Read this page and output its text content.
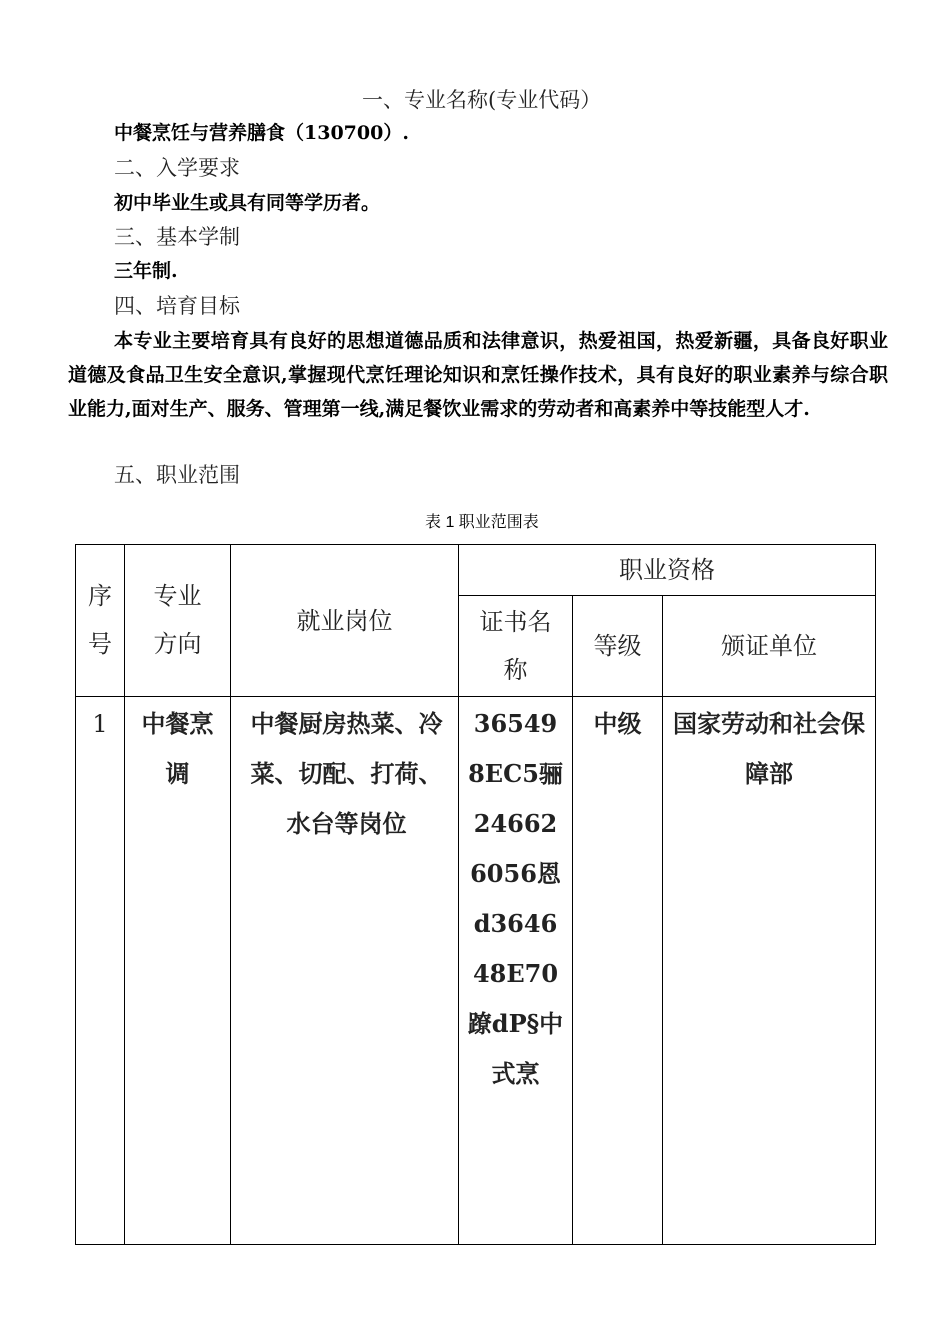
一、专业名称(专业代码）
中餐烹饪与营养膳食（130700）.
二、入学要求
初中毕业生或具有同等学历者。
三、基本学制
三年制.
四、培育目标
本专业主要培育具有良好的思想道德品质和法律意识，热爱祖国，热爱新疆，具备良好职业道德及食品卫生安全意识,掌握现代烹饪理论知识和烹饪操作技术，具有良好的职业素养与综合职业能力,面对生产、服务、管理第一线,满足餐饮业需求的劳动者和高素养中等技能型人才.
五、职业范围
表 1 职业范围表
序号	专业方向	就业岗位	职业资格		
			证书名称	等级	颁证单位
1	中餐烹调	中餐厨房热菜、冷菜、切配、打荷、水台等岗位	365498EC5骊246626056恩d364648E70蹽dP§中式烹	中级	国家劳动和社会保障部
